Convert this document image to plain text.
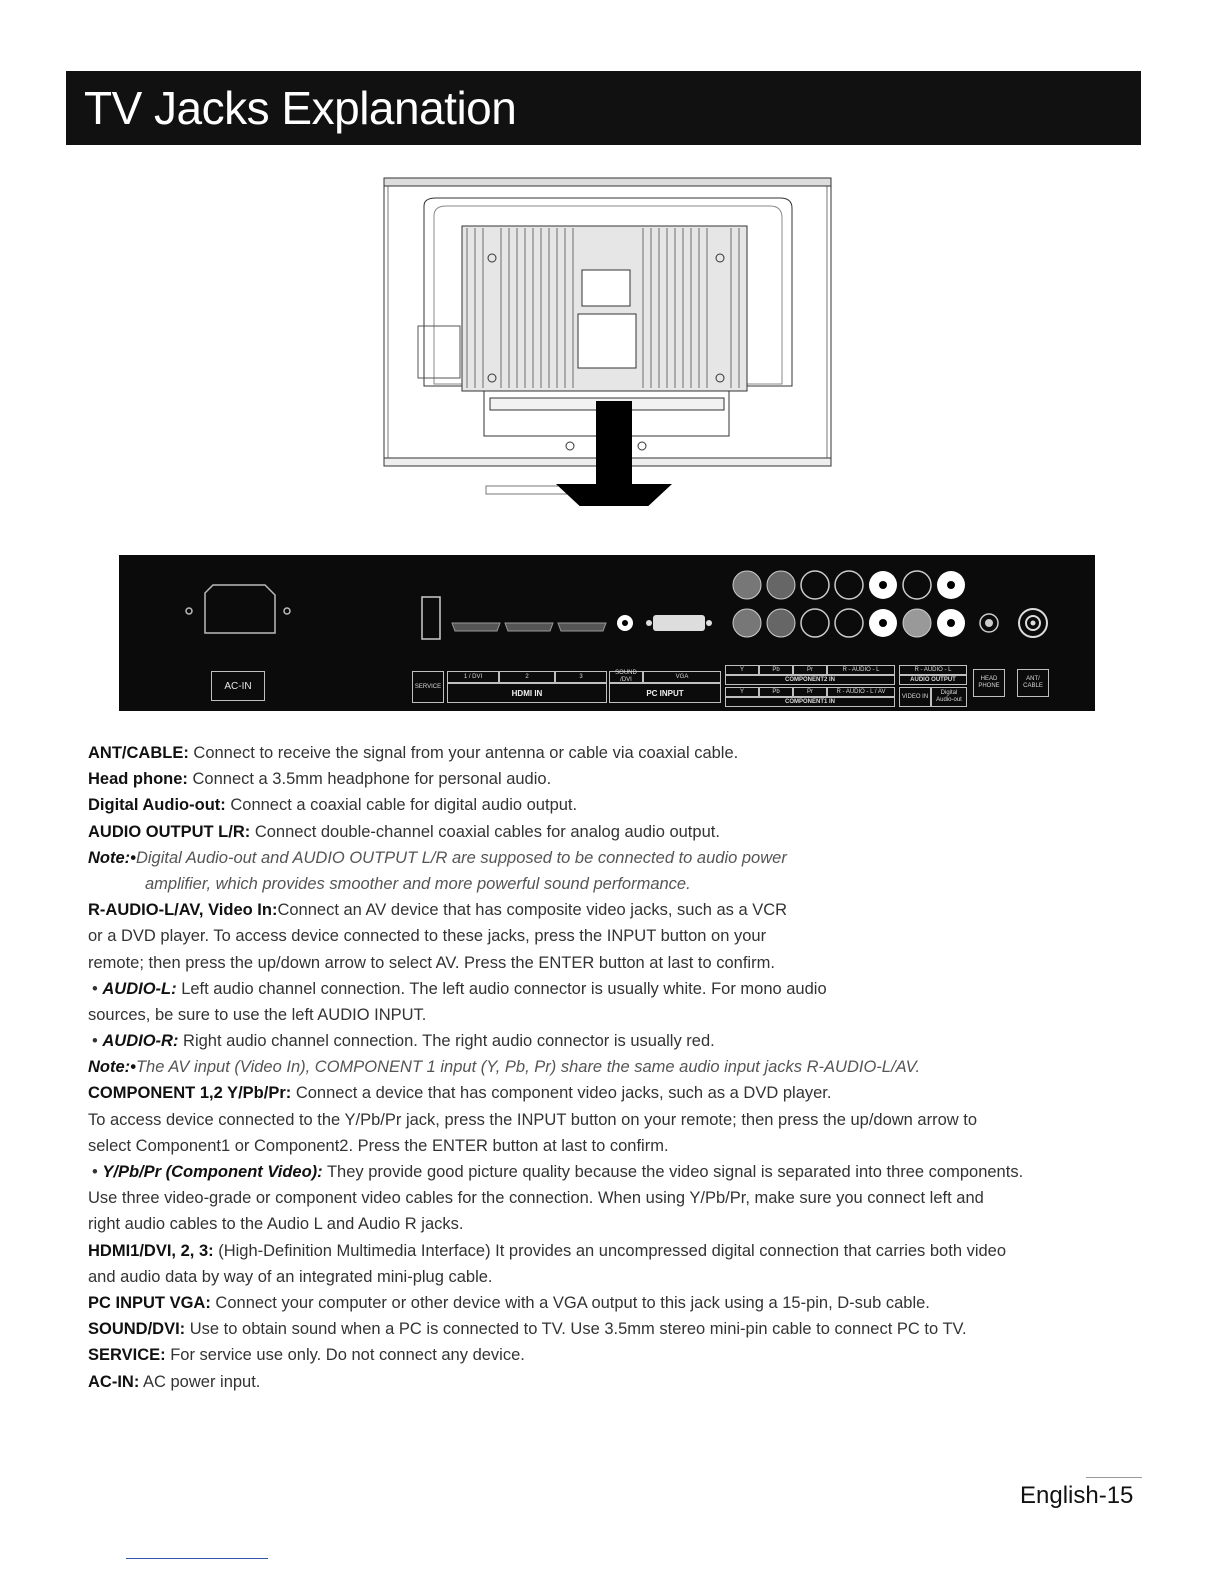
TV Jacks Explanation
AC-IN	SERVICE
1 / DVI	2	3
HDMI IN
SOUND /DVI
VGA
PC INPUT
Y	Pb	Pr	R - AUDIO - L
COMPONENT2 IN
Y	Pb	Pr	R - AUDIO - L / AV
COMPONENT1 IN
R - AUDIO - L
AUDIO OUTPUT
VIDEO IN
Digital Audio-out
HEAD PHONE
ANT/ CABLE
ANT/CABLE: Connect to receive the signal from your antenna or cable via coaxial cable.
Head phone: Connect a 3.5mm headphone for personal audio.
Digital Audio-out: Connect a coaxial cable for digital audio output.
AUDIO OUTPUT L/R: Connect double-channel coaxial cables for analog audio output.
Note:•Digital Audio-out and AUDIO OUTPUT L/R are supposed to be connected to audio power
amplifier, which provides smoother and more powerful sound performance.
R-AUDIO-L/AV, Video In:Connect an AV device that has composite video jacks, such as a VCR
or a DVD player. To access device connected to these jacks, press the INPUT button on your
remote; then press the up/down arrow to select AV. Press the ENTER button at last to confirm.
• AUDIO-L: Left audio channel connection. The left audio connector is usually white. For mono audio
sources, be sure to use the left AUDIO INPUT.
• AUDIO-R: Right audio channel connection. The right audio connector is usually red.
Note:•The AV input (Video In), COMPONENT 1 input (Y, Pb, Pr) share the same audio input jacks R-AUDIO-L/AV.
COMPONENT 1,2 Y/Pb/Pr: Connect a device that has component video jacks, such as a DVD player.
To access device connected to the Y/Pb/Pr jack, press the INPUT button on your remote; then press the up/down arrow to
select Component1 or Component2. Press the ENTER button at last to confirm.
• Y/Pb/Pr (Component Video): They provide good picture quality because the video signal is separated into three components.
Use three video-grade or component video cables for the connection. When using Y/Pb/Pr, make sure you connect left and
right audio cables to the Audio L and Audio R jacks.
HDMI1/DVI, 2, 3: (High-Definition Multimedia Interface) It provides an uncompressed digital connection that carries both video
and audio data by way of an integrated mini-plug cable.
PC INPUT VGA: Connect your computer or other device with a VGA output to this jack using a 15-pin, D-sub cable.
SOUND/DVI: Use to obtain sound when a PC is connected to TV. Use 3.5mm stereo mini-pin cable to connect PC to TV.
SERVICE: For service use only. Do not connect any device.
AC-IN: AC power input.
English-15
